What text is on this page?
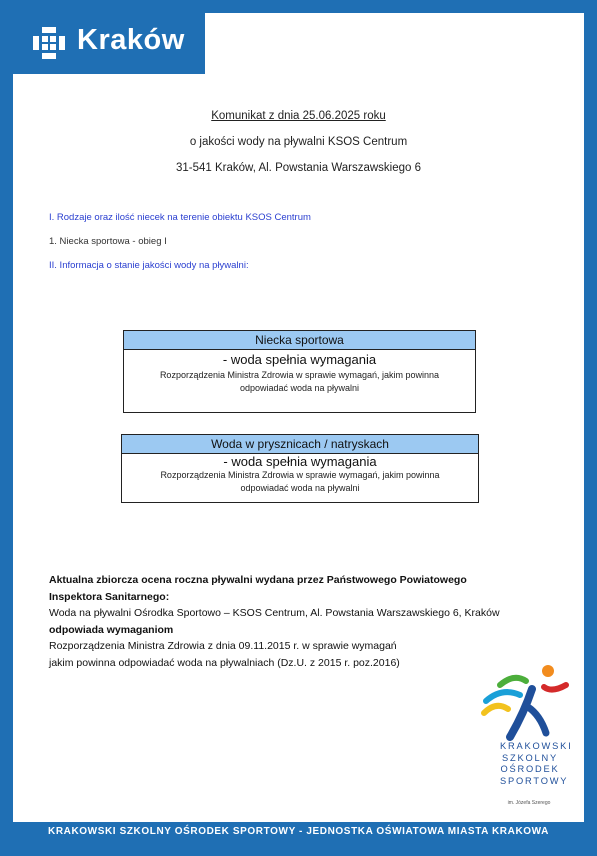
Kraków
Komunikat z dnia 25.06.2025 roku
o jakości wody na pływalni KSOS Centrum
31-541 Kraków, Al. Powstania Warszawskiego 6
I. Rodzaje oraz ilość niecek na terenie obiektu KSOS Centrum
1. Niecka sportowa - obieg I
II. Informacja o stanie jakości wody na pływalni:
Niecka sportowa
- woda spełnia wymagania
Rozporządzenia Ministra Zdrowia w sprawie wymagań, jakim powinna odpowiadać woda na pływalni
Woda w prysznicach / natryskach
- woda spełnia wymagania
Rozporządzenia Ministra Zdrowia w sprawie wymagań, jakim powinna odpowiadać woda na pływalni
Aktualna zbiorcza ocena roczna pływalni wydana przez Państwowego Powiatowego
Inspektora Sanitarnego:
Woda na pływalni Ośrodka Sportowo – KSOS Centrum, Al. Powstania Warszawskiego 6, Kraków
odpowiada wymaganiom
Rozporządzenia Ministra Zdrowia z dnia 09.11.2015 r. w sprawie wymagań
jakim powinna odpowiadać woda na pływalniach (Dz.U. z 2015 r. poz.2016)
KRAKOWSKI
SZKOLNY
OŚRODEK
SPORTOWY
im. Józefa Szerego
KRAKOWSKI SZKOLNY OŚRODEK SPORTOWY - JEDNOSTKA OŚWIATOWA MIASTA KRAKOWA
